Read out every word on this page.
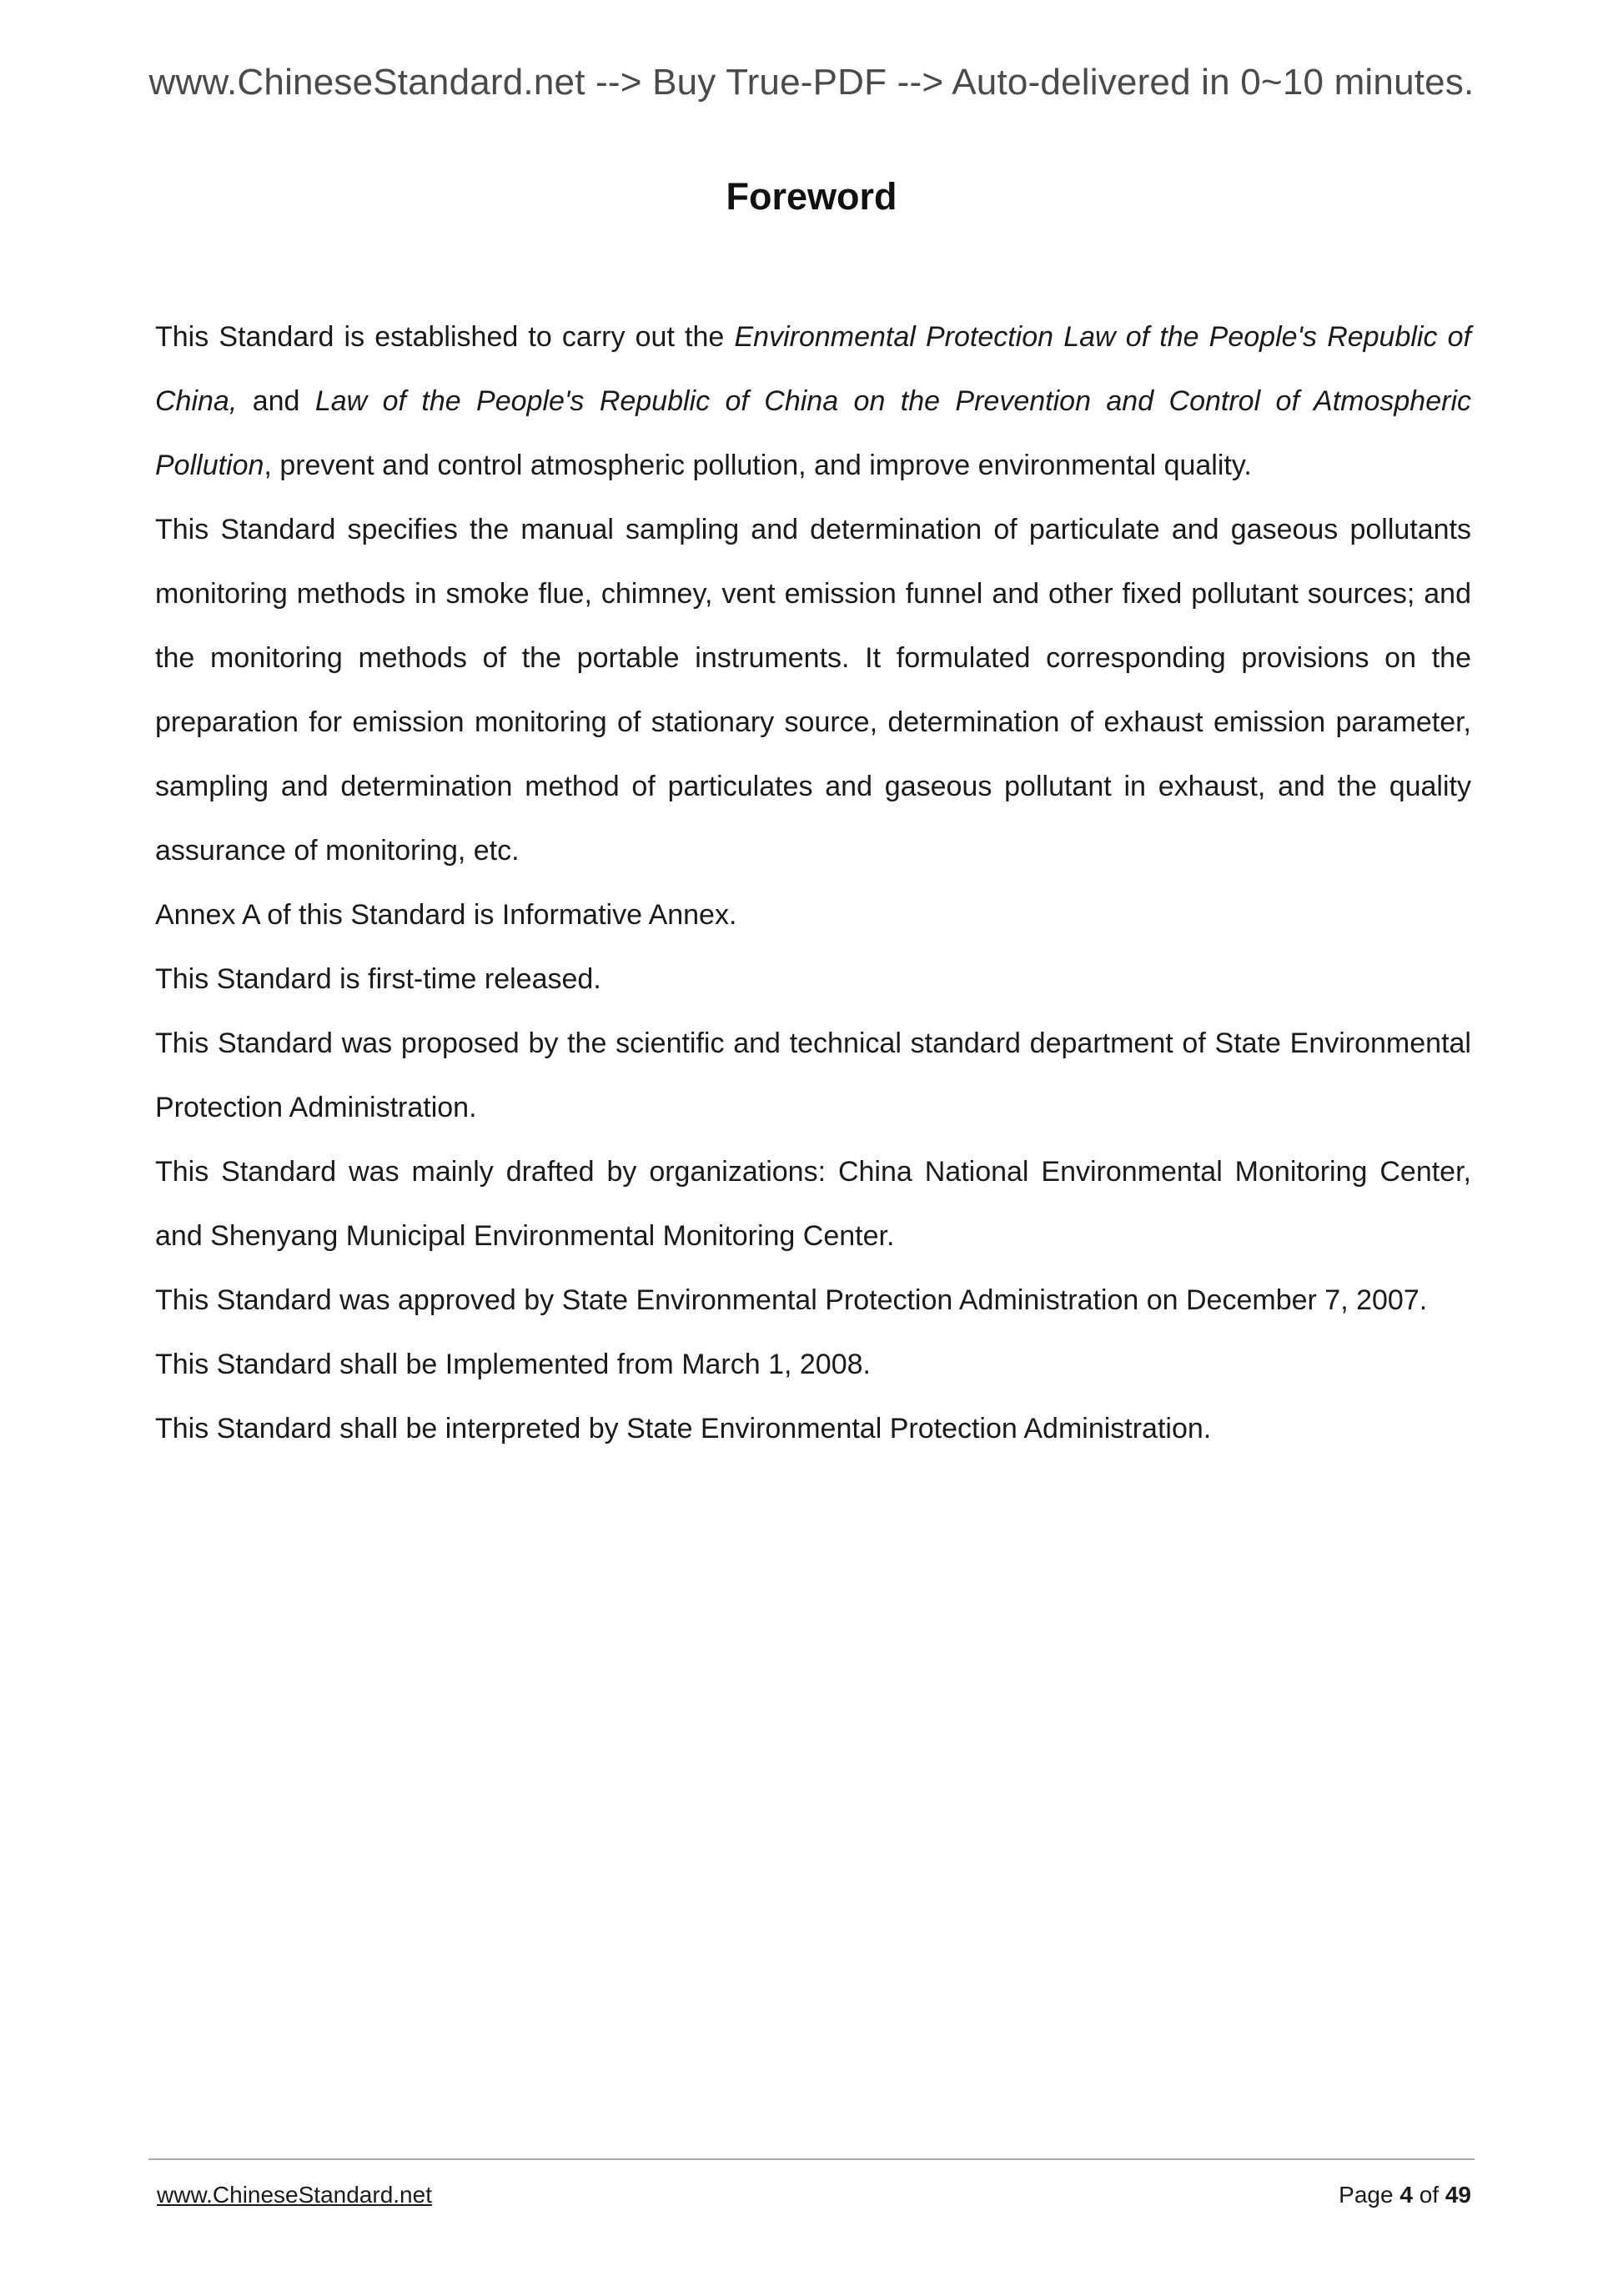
www.ChineseStandard.net --> Buy True-PDF --> Auto-delivered in 0~10 minutes.
Foreword

This Standard is established to carry out the Environmental Protection Law of the People's Republic of China, and Law of the People's Republic of China on the Prevention and Control of Atmospheric Pollution, prevent and control atmospheric pollution, and improve environmental quality.

This Standard specifies the manual sampling and determination of particulate and gaseous pollutants monitoring methods in smoke flue, chimney, vent emission funnel and other fixed pollutant sources; and the monitoring methods of the portable instruments. It formulated corresponding provisions on the preparation for emission monitoring of stationary source, determination of exhaust emission parameter, sampling and determination method of particulates and gaseous pollutant in exhaust, and the quality assurance of monitoring, etc.

Annex A of this Standard is Informative Annex.

This Standard is first-time released.

This Standard was proposed by the scientific and technical standard department of State Environmental Protection Administration.

This Standard was mainly drafted by organizations: China National Environmental Monitoring Center, and Shenyang Municipal Environmental Monitoring Center.

This Standard was approved by State Environmental Protection Administration on December 7, 2007.

This Standard shall be Implemented from March 1, 2008.

This Standard shall be interpreted by State Environmental Protection Administration.

www.ChineseStandard.net	Page 4 of 49
